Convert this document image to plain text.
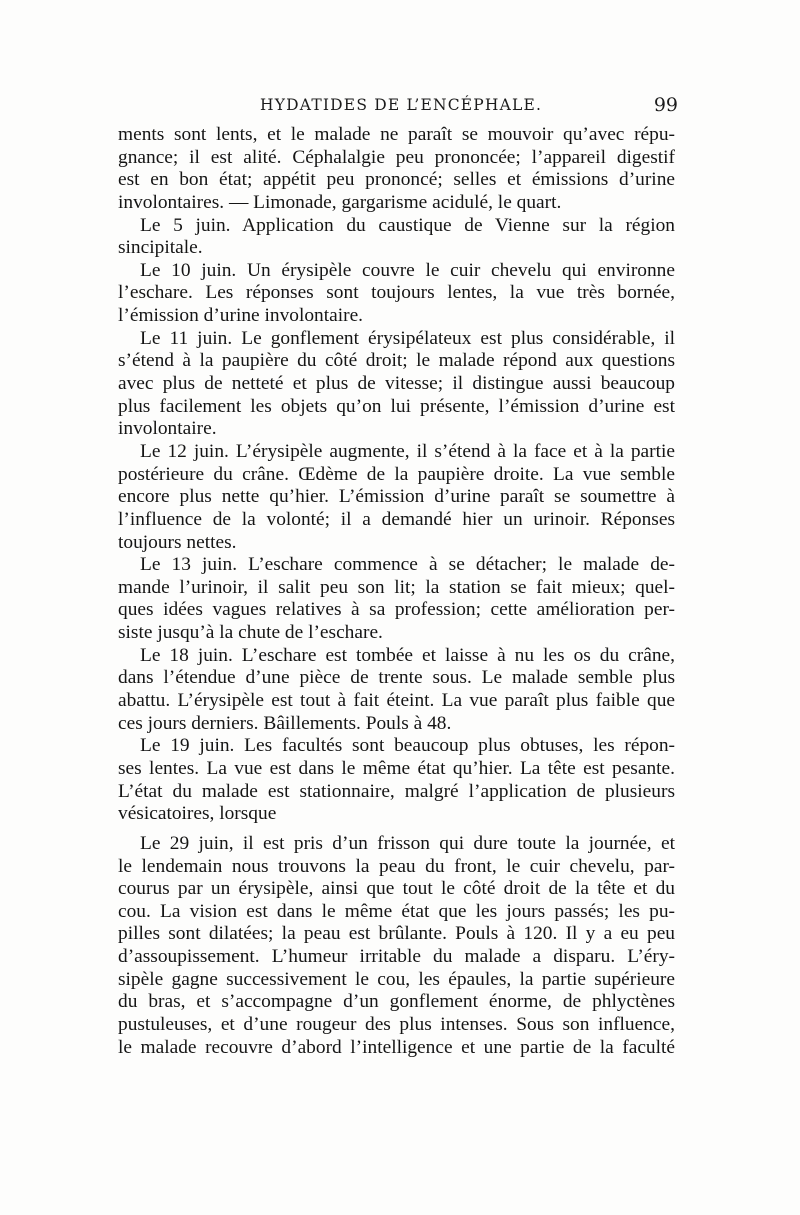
HYDATIDES DE L’ENCÉPHALE.	99
ments sont lents, et le malade ne paraît se mouvoir qu’avec répu-
gnance; il est alité. Céphalalgie peu prononcée; l’appareil digestif
est en bon état; appétit peu prononcé; selles et émissions d’urine
involontaires. — Limonade, gargarisme acidulé, le quart.
Le 5 juin. Application du caustique de Vienne sur la région
sincipitale.
Le 10 juin. Un érysipèle couvre le cuir chevelu qui environne
l’eschare. Les réponses sont toujours lentes, la vue très bornée,
l’émission d’urine involontaire.
Le 11 juin. Le gonflement érysipélateux est plus considérable, il
s’étend à la paupière du côté droit; le malade répond aux questions
avec plus de netteté et plus de vitesse; il distingue aussi beaucoup
plus facilement les objets qu’on lui présente, l’émission d’urine est
involontaire.
Le 12 juin. L’érysipèle augmente, il s’étend à la face et à la partie
postérieure du crâne. Œdème de la paupière droite. La vue semble
encore plus nette qu’hier. L’émission d’urine paraît se soumettre à
l’influence de la volonté; il a demandé hier un urinoir. Réponses
toujours nettes.
Le 13 juin. L’eschare commence à se détacher; le malade de-
mande l’urinoir, il salit peu son lit; la station se fait mieux; quel-
ques idées vagues relatives à sa profession; cette amélioration per-
siste jusqu’à la chute de l’eschare.
Le 18 juin. L’eschare est tombée et laisse à nu les os du crâne,
dans l’étendue d’une pièce de trente sous. Le malade semble plus
abattu. L’érysipèle est tout à fait éteint. La vue paraît plus faible que
ces jours derniers. Bâillements. Pouls à 48.
Le 19 juin. Les facultés sont beaucoup plus obtuses, les répon-
ses lentes. La vue est dans le même état qu’hier. La tête est pesante.
L’état du malade est stationnaire, malgré l’application de plusieurs
vésicatoires, lorsque
Le 29 juin, il est pris d’un frisson qui dure toute la journée, et
le lendemain nous trouvons la peau du front, le cuir chevelu, par-
courus par un érysipèle, ainsi que tout le côté droit de la tête et du
cou. La vision est dans le même état que les jours passés; les pu-
pilles sont dilatées; la peau est brûlante. Pouls à 120. Il y a eu peu
d’assoupissement. L’humeur irritable du malade a disparu. L’éry-
sipèle gagne successivement le cou, les épaules, la partie supérieure
du bras, et s’accompagne d’un gonflement énorme, de phlyctènes
pustuleuses, et d’une rougeur des plus intenses. Sous son influence,
le malade recouvre d’abord l’intelligence et une partie de la faculté
